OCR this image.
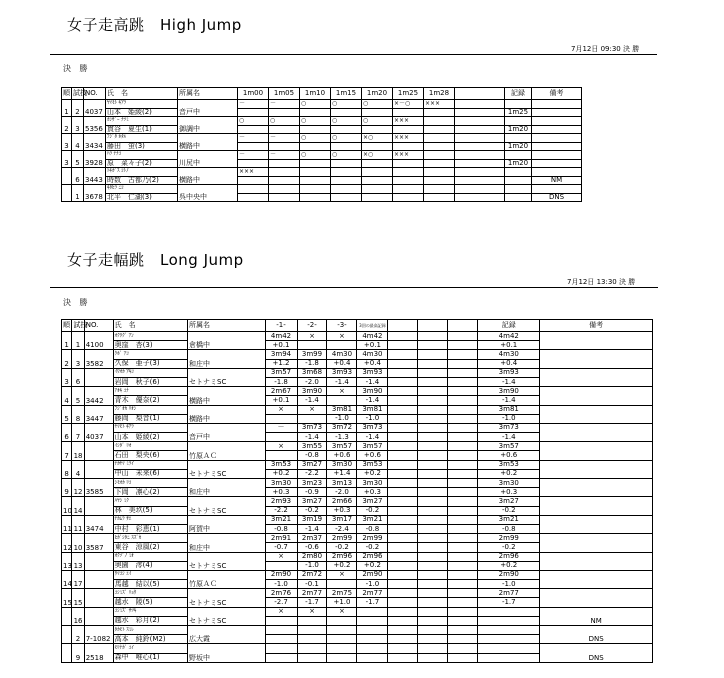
女子走高跳　High Jump
7月12日 09:30 決 勝
決 勝
順	試技	NO.	氏　名	所属名	1m00	1m05	1m10	1m15	1m20	1m25	1m28		記録	備考
1	2	4037	ﾔﾏﾓﾄ ｷｱﾗ	音戸中	－	－	○	○	○	×－○	×××			
			山本　姫綾(2)										1m25	
2	3	5356	ｶﾝｻﾞｰ ﾅﾂﾐ	御調中	○	○	○	○	○	×××				
			貫谷　夏生(1)										1m20	
3	4	3434	ﾌｼﾞﾀ ﾎﾀﾙ	横路中	－	－	○	○	×○	×××				
			藤田　蛍(3)										1m20	
3	5	3928	ﾊﾗ ﾅﾅｺ	川尻中	－	－	○	○	×○	×××				
			原　菜々子(2)										1m20	
	6	3443	ﾄｷｶﾞｽ ｺﾄﾉ	横路中	×××									
			時数　古都乃(2)											NM
	1	3678	ｷﾀﾋﾗ ﾆｺ	呉中央中										
			北平　仁湖(3)											DNS
女子走幅跳　Long Jump
7月12日 13:30 決 勝
決 勝
順	試技	NO.	氏　名	所属名	-1-	-2-	-3-	3回の最高記録				記録	備考
1	1	4100	ｵｸﾜｸﾞ ｱﾝ	倉橋中	4m42	×	×	4m42				4m42	
			奥窪　杏(3)		+0.1			+0.1				+0.1	
2	3	3582	ｸﾎﾞ ｱｺ	和庄中	3m94	3m99	4m30	4m30				4m30	
			久保　亜子(3)		+1.2	-1.8	+0.4	+0.4				+0.4	
3	6		ｲﾜｵｶ ｱｷｺ	セトナミSC	3m57	3m68	3m93	3m93				3m93	
			岩岡　秋子(6)		-1.8	-2.0	-1.4	-1.4				-1.4	
4	5	3442	ｱｵｷ ﾕﾅ	横路中	2m67	3m90	×	3m90				3m90	
			青木　優奈(2)		+0.1	-1.4		-1.4				-1.4	
5	8	3447	ﾌｼﾞｵｶ ﾘｵﾝ	横路中	×	×	3m81	3m81				3m81	
			藤岡　梨音(1)				-1.0	-1.0				-1.0	
6	7	4037	ﾔﾏﾓﾄ ｷｱﾗ	音戸中	－	3m73	3m72	3m73				3m73	
			山本　姫綾(2)			-1.4	-1.3	-1.4				-1.4	
7	18		ｲｼﾀﾞ ﾘｵ	竹原ＡＣ	×	3m55	3m57	3m57				3m57	
			石田　梨央(6)			-0.8	+0.6	+0.6				+0.6	
8	4		ﾅｶﾔﾏ ﾐﾗｲ	セトナミSC	3m53	3m27	3m30	3m53				3m53	
			中山　未来(6)		+0.2	-2.2	+1.4	+0.2				+0.2	
9	12	3585	ｼﾓｵｶ ﾘｺ	和庄中	3m30	3m23	3m13	3m30				3m30	
			下岡　凛心(2)		+0.3	-0.9	-2.0	+0.3				+0.3	
10	14		ﾊﾔｼ ﾐｸ	セトナミSC	2m93	3m27	2m66	3m27				3m27	
			林　美玖(5)		-2.2	-0.2	+0.3	-0.2				-0.2	
11	11	3474	ﾅｶﾑﾗ ｻｴ	阿賀中	3m21	3m19	3m17	3m21				3m21	
			中村　彩恵(1)		-0.8	-1.4	-2.4	-0.8				-0.8	
12	10	3587	ﾋｶﾞｼﾀﾆ ｽｽﾞｶ	和庄中	2m91	2m37	2m99	2m99				2m99	
			東谷　涼風(2)		-0.7	-0.6	-0.2	-0.2				-0.2	
13	13		ｵｸｿﾞﾉ ﾐｵ	セトナミSC	×	2m80	2m96	2m96				2m96	
			奥園　澪(4)			-1.0	+0.2	+0.2				+0.2	
14	17		ｳﾏｺｼ ﾕｲ	竹原ＡＣ	2m90	2m72	×	2m90				2m90	
			馬越　結以(5)		-1.0	-0.1		-1.0				-1.0	
15	15		ｺｼﾐｽﾞ ﾘｮｳ	セトナミSC	2m76	2m77	2m75	2m77				2m77	
			越水　陵(5)		-2.7	-1.7	+1.0	-1.7				-1.7	
	16		ｺｼﾐｽﾞ ｻﾂｷ	セトナミSC	×	×	×						NM
			越水　彩月(2)										
	2	7-1082	ﾀｶﾓﾄ ｽﾐﾚ	広大霞									DNS
			高本　純鈴(M2)										
	9	2518	ﾓﾘﾅｶﾞ ﾕｲ	野坂中									DNS
			森中　唯心(1)										
